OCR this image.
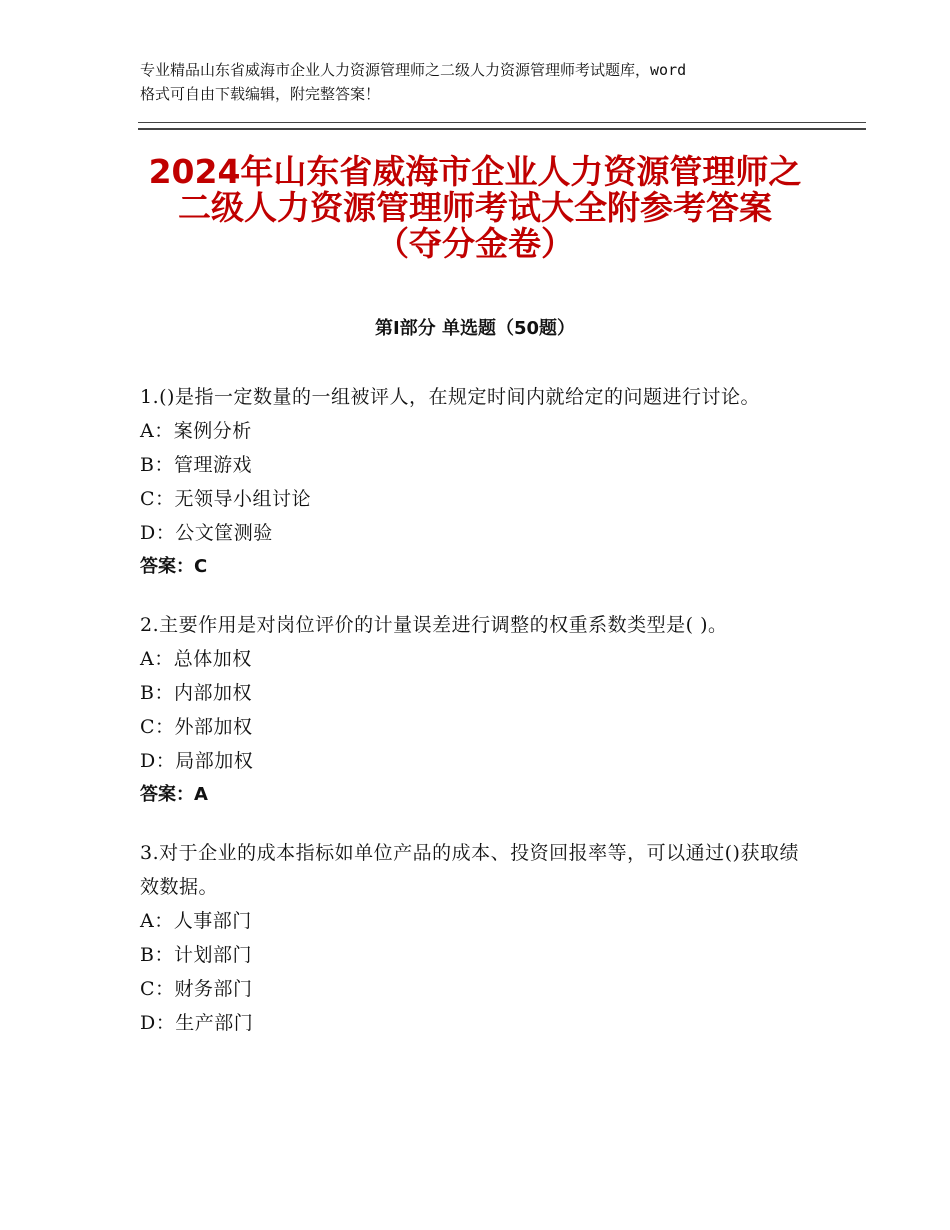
专业精品山东省威海市企业人力资源管理师之二级人力资源管理师考试题库，word
格式可自由下载编辑，附完整答案！
2024年山东省威海市企业人力资源管理师之
二级人力资源管理师考试大全附参考答案
（夺分金卷）
第Ⅰ部分 单选题（50题）
1.()是指一定数量的一组被评人，在规定时间内就给定的问题进行讨论。
A：案例分析
B：管理游戏
C：无领导小组讨论
D：公文筐测验
答案：C
2.主要作用是对岗位评价的计量误差进行调整的权重系数类型是( )。
A：总体加权
B：内部加权
C：外部加权
D：局部加权
答案：A
3.对于企业的成本指标如单位产品的成本、投资回报率等，可以通过()获取绩效数据。
A：人事部门
B：计划部门
C：财务部门
D：生产部门
